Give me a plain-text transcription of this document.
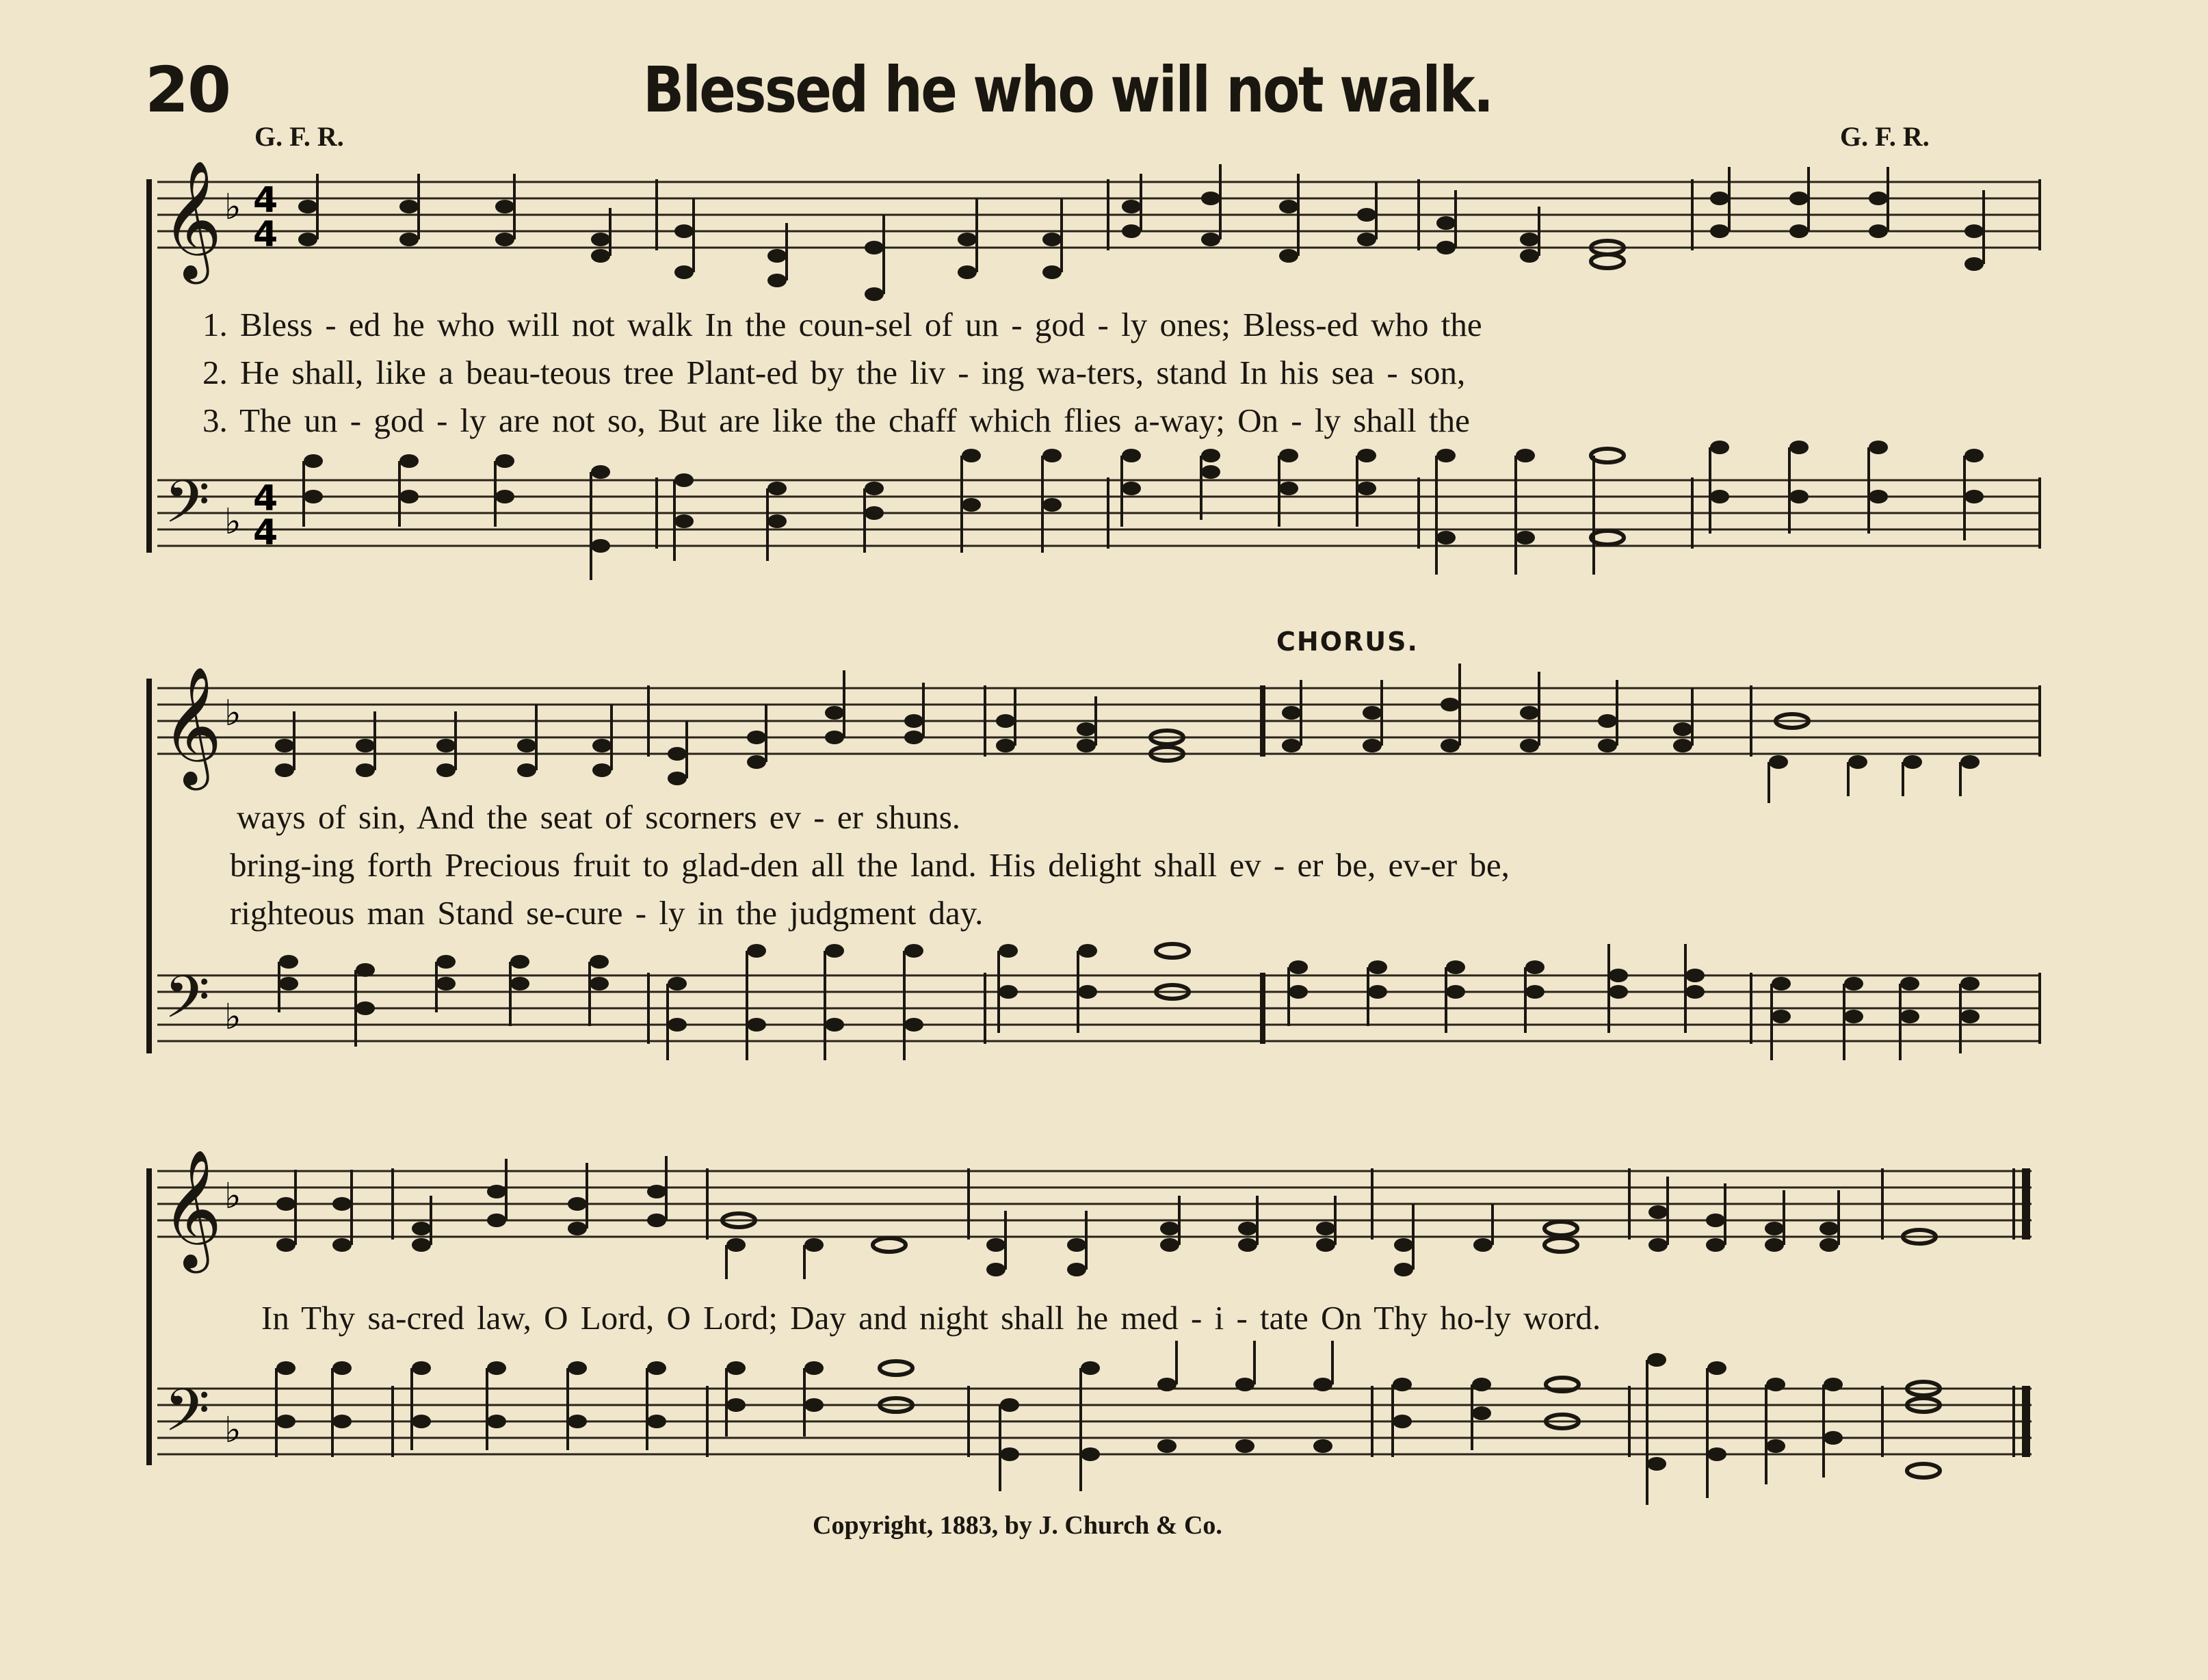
20	Blessed he who will not walk.
G. F. R.	G. F. R.
𝄞
𝄢
♭
♭
4
4
4
4
𝄞
𝄢
♭
♭
𝄞
𝄢
♭
♭
CHORUS.
1. Bless - ed he who will not walk In the coun-sel of un - god - ly ones; Bless-ed who the
2. He shall, like a beau-teous tree Plant-ed by the liv - ing wa-ters, stand In his sea - son,
3. The un - god - ly are not so, But are like the chaff which flies a-way; On - ly shall the
ways of sin, And the seat of scorners ev - er shuns.
bring-ing forth Precious fruit to glad-den all the land. His delight shall ev - er be, ev-er be,
righteous man Stand se-cure - ly in the judgment day.
In Thy sa-cred law, O Lord, O Lord; Day and night shall he med - i - tate On Thy ho-ly word.
Copyright, 1883, by J. Church & Co.
